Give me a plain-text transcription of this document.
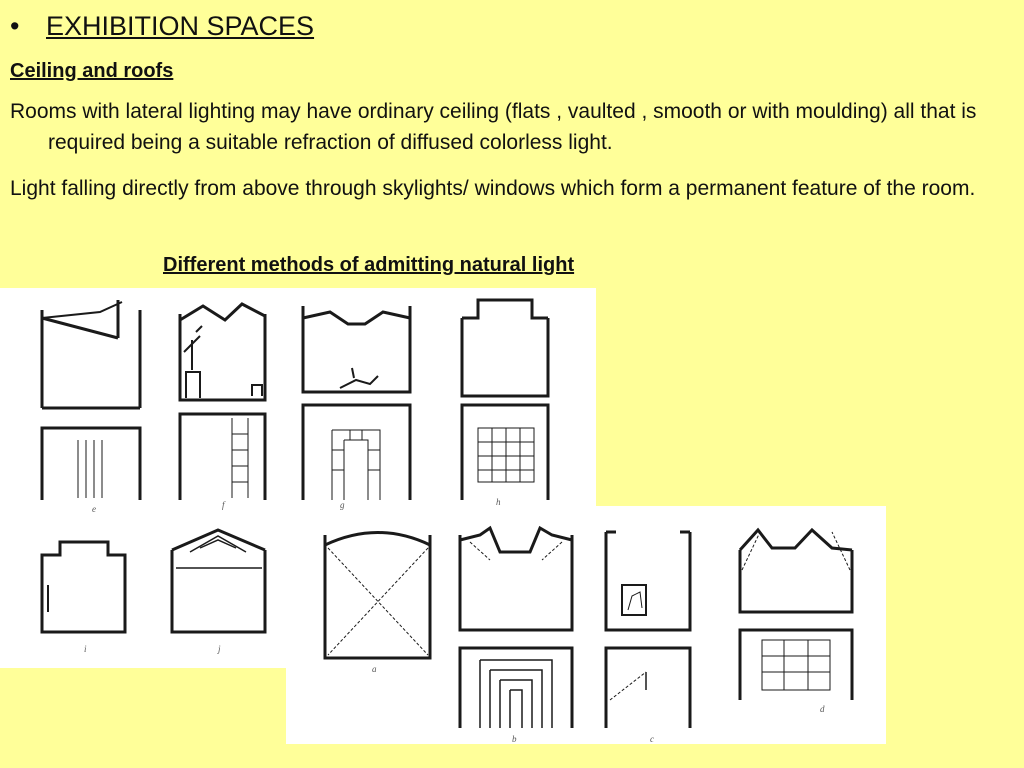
• EXHIBITION SPACES
Ceiling and roofs
Rooms with lateral lighting may have ordinary ceiling (flats , vaulted , smooth or with moulding) all that is required being a suitable refraction of diffused colorless light.
Light falling directly from above through skylights/ windows which form a permanent feature of the room.
Different methods of admitting natural light
e	f	g	h
i	j
a
b	c
d
